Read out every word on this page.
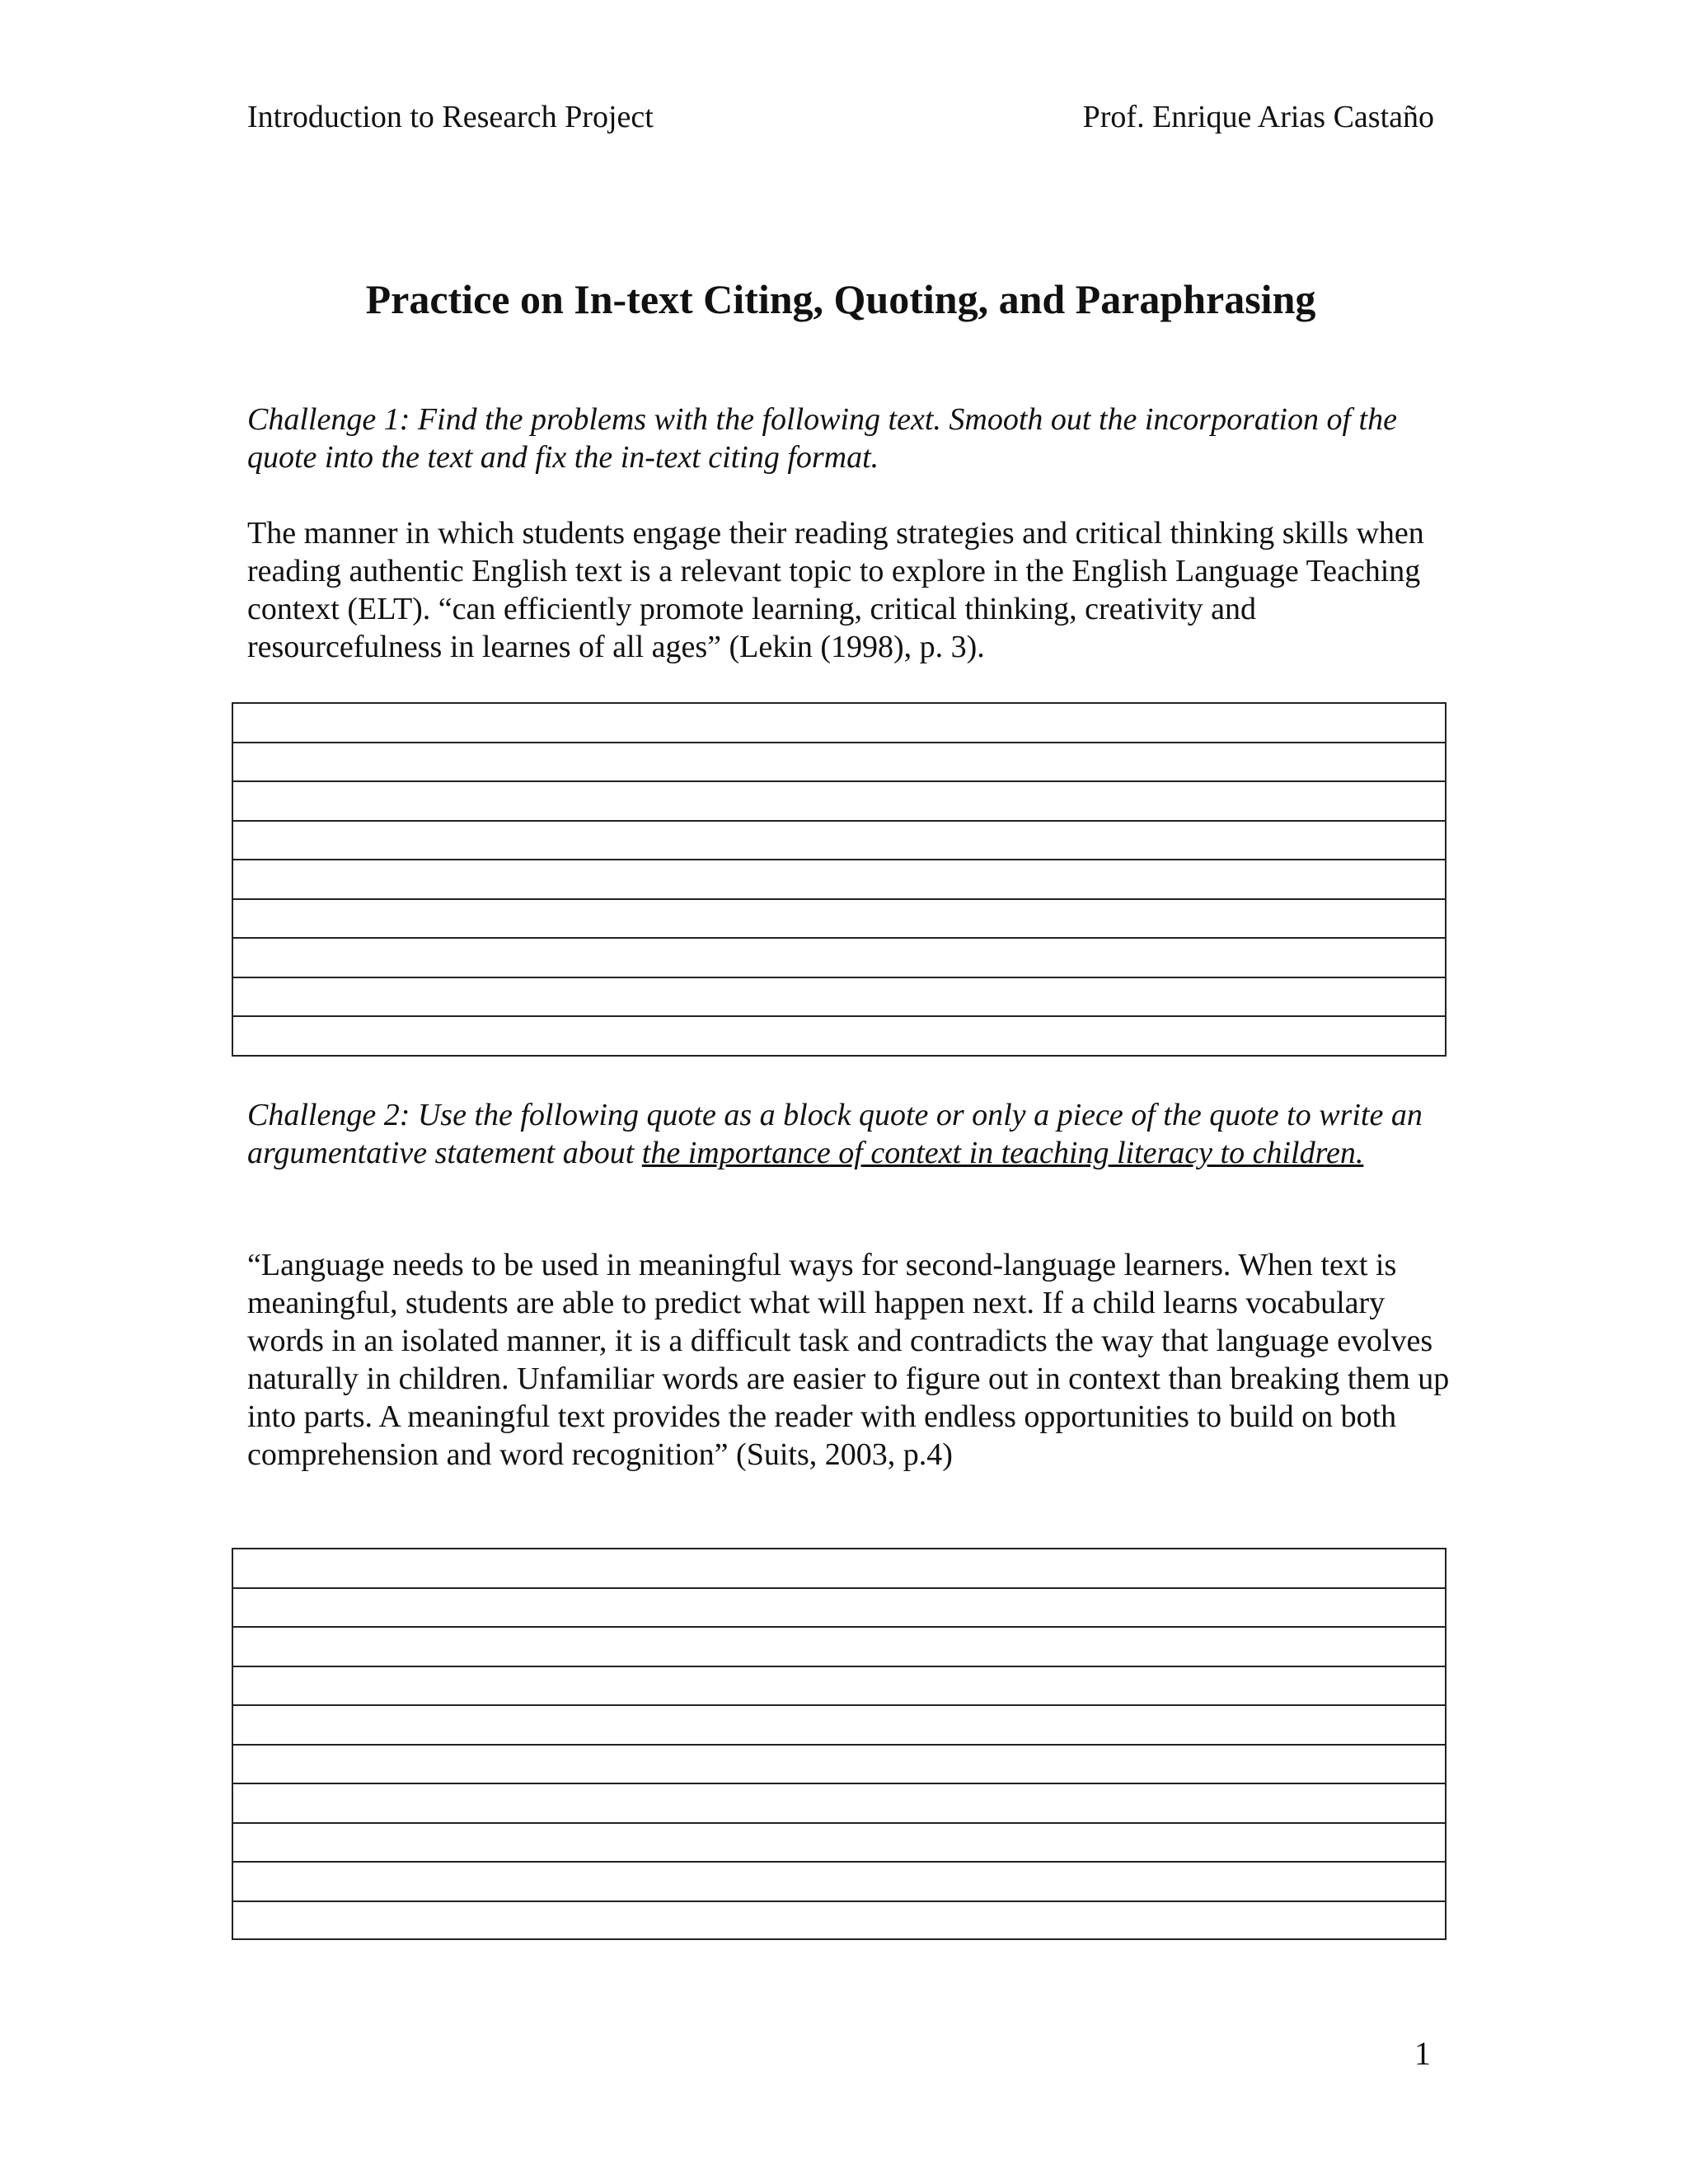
Introduction to Research Project	Prof. Enrique Arias Castaño
Practice on In-text Citing, Quoting, and Paraphrasing

Challenge 1: Find the problems with the following text. Smooth out the incorporation of the quote into the text and fix the in-text citing format.

The manner in which students engage their reading strategies and critical thinking skills when reading authentic English text is a relevant topic to explore in the English Language Teaching context (ELT). “can efficiently promote learning, critical thinking, creativity and resourcefulness in learnes of all ages” (Lekin (1998), p. 3).

Challenge 2: Use the following quote as a block quote or only a piece of the quote to write an argumentative statement about the importance of context in teaching literacy to children.

“Language needs to be used in meaningful ways for second-language learners. When text is meaningful, students are able to predict what will happen next. If a child learns vocabulary words in an isolated manner, it is a difficult task and contradicts the way that language evolves naturally in children. Unfamiliar words are easier to figure out in context than breaking them up into parts. A meaningful text provides the reader with endless opportunities to build on both comprehension and word recognition” (Suits, 2003, p.4)

1
